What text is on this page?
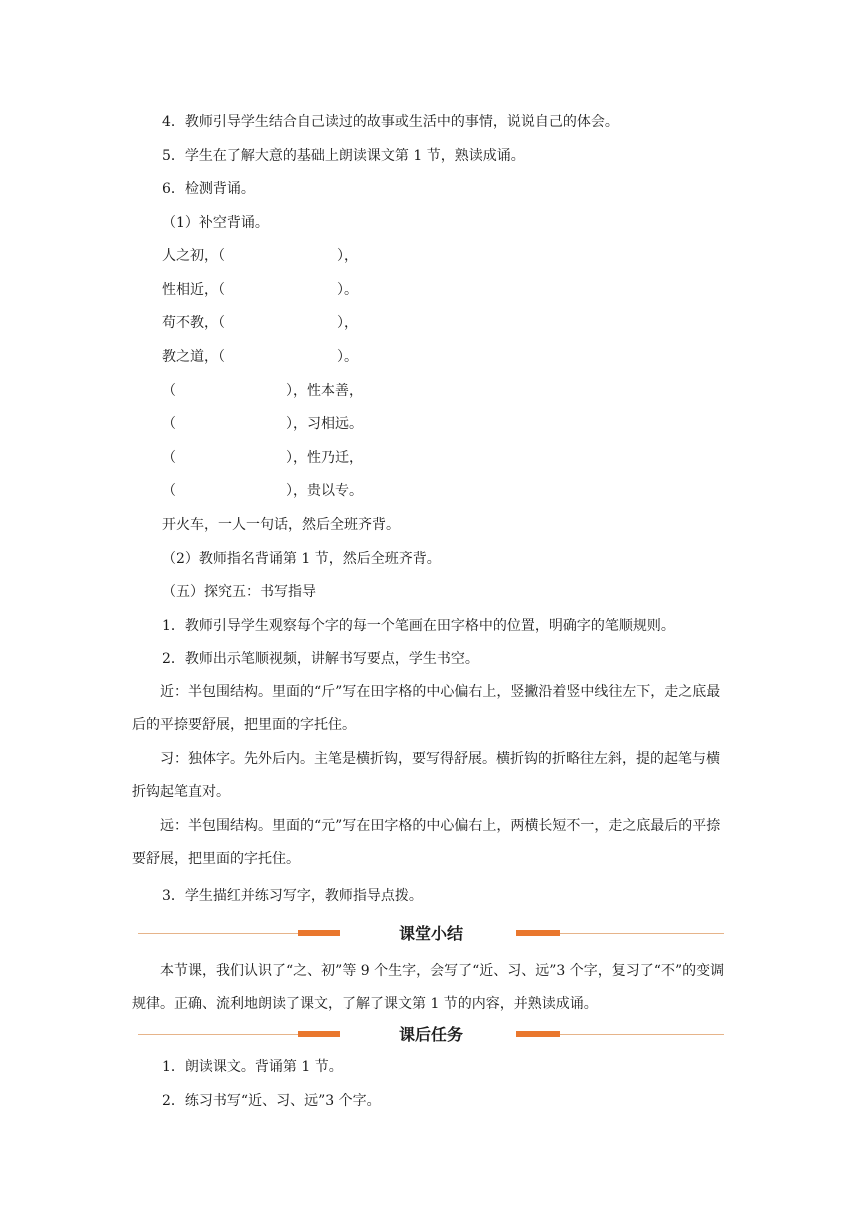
4．教师引导学生结合自己读过的故事或生活中的事情，说说自己的体会。
5．学生在了解大意的基础上朗读课文第 1 节，熟读成诵。
6．检测背诵。
（1）补空背诵。
人之初，（	），
性相近，（	）。
苟不教，（	），
教之道，（	）。
（	），性本善，
（	），习相远。
（	），性乃迁，
（	），贵以专。
开火车，一人一句话，然后全班齐背。
（2）教师指名背诵第 1 节，然后全班齐背。
（五）探究五：书写指导
1．教师引导学生观察每个字的每一个笔画在田字格中的位置，明确字的笔顺规则。
2．教师出示笔顺视频，讲解书写要点，学生书空。
近：半包围结构。里面的“斤”写在田字格的中心偏右上，竖撇沿着竖中线往左下，走之底最后的平捺要舒展，把里面的字托住。
习：独体字。先外后内。主笔是横折钩，要写得舒展。横折钩的折略往左斜，提的起笔与横折钩起笔直对。
远：半包围结构。里面的“元”写在田字格的中心偏右上，两横长短不一，走之底最后的平捺要舒展，把里面的字托住。
3．学生描红并练习写字，教师指导点拨。
课堂小结
本节课，我们认识了“之、初”等 9 个生字，会写了“近、习、远”3 个字，复习了“不”的变调规律。正确、流利地朗读了课文，了解了课文第 1 节的内容，并熟读成诵。
课后任务
1．朗读课文。背诵第 1 节。
2．练习书写“近、习、远”3 个字。
